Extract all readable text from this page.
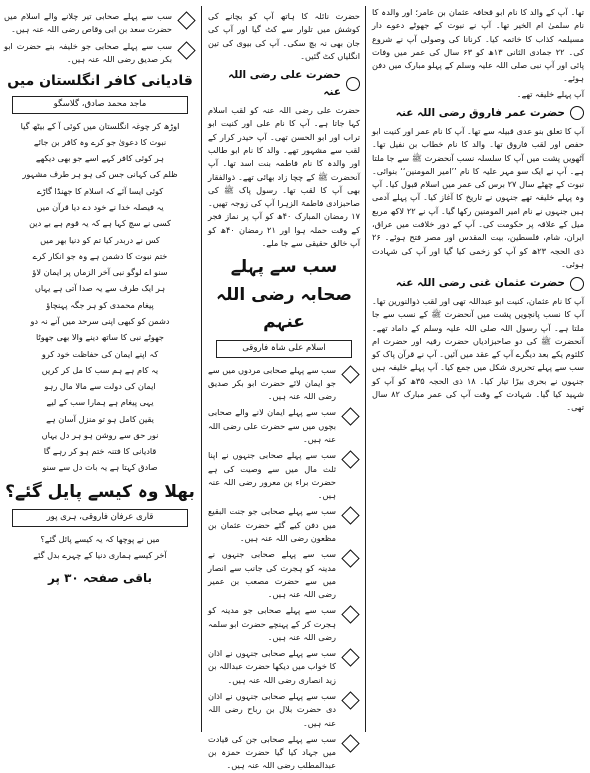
تھا۔ آپ کے والد کا نام ابو قحافہ عثمان بن عامر؛ اور والدہ کا نام سلمیٰ ام الخیر تھا۔ آپ نے نبوت کے جھوٹے دعوے دار مسیلمہ کذاب کا خاتمہ کیا۔ کرنانا کی وصولی آپ نے شروع کی۔ ۲۲ جمادی الثانی ۱۳ھ کو ۶۳ سال کی عمر میں وفات پائی اور آپ نبی صلی اللہ علیہ وسلم کے پہلو مبارک میں دفن ہوئے۔

آپ پہلے خلیفہ تھے۔

حضرت عمر فاروق رضی اللہ عنہ

آپ کا تعلق بنو عدی قبیلہ سے تھا۔ آپ کا نام عمر اور کنیت ابو حفص اور لقب فاروق تھا۔ والد کا نام خطاب بن نفیل تھا۔ آٹھویں پشت میں آپ کا سلسلہ نسب آنحضرت ﷺ سے جا ملتا ہے۔ آپ نے ایک سو مہر علیہ کا نام ’’امیر المومنین‘‘ بنوائی۔ نبوت کے چھٹے سال ۲۷ برس کی عمر میں اسلام قبول کیا۔ آپ وہ پہلے خلیفہ تھے جنہوں نے تاریخ کا آغاز کیا۔ آپ پہلے آدمی ہیں جنہوں نے نام امیر المومنین رکھا گیا۔ آپ نے ۲۲ لاکھ مربع میل کے علاقہ پر حکومت کی۔ آپ کے دور خلافت میں عراق، ایران، شام، فلسطین، بیت المقدس اور مصر فتح ہوئے۔ ۲۶ ذی الحجہ ۲۳ھ کو آپ کو زخمی کیا گیا اور آپ کی شہادت ہوئی۔

حضرت عثمان غنی رضی اللہ عنہ

آپ کا نام عثمان، کنیت ابو عبداللہ تھی اور لقب ذوالنورین تھا۔ آپ کا نسب پانچویں پشت میں آنحضرت ﷺ کے نسب سے جا ملتا ہے۔ آپ رسول اللہ صلی اللہ علیہ وسلم کے داماد تھے۔ آنحضرت ﷺ کی دو صاحبزادیاں حضرت رقیہ اور حضرت ام کلثوم یکے بعد دیگرے آپ کے عقد میں آئیں۔ آپ نے قرآن پاک کو سب سے پہلے تحریری شکل میں جمع کیا۔ آپ پہلے خلیفہ ہیں جنہوں نے بحری بیڑا تیار کیا۔ ۱۸ ذی الحجہ ۳۵ھ کو آپ کو شہید کیا گیا۔ شہادت کے وقت آپ کی عمر مبارک ۸۲ سال تھی۔

حضرت نائلہ کا ہاتھ آپ کو بچانے کی کوشش میں تلوار سے کٹ گیا اور آپ کی جان بھی نہ بچ سکی۔ آپ کی بیوی کی تین انگلیاں کٹ گئیں۔

حضرت علی رضی اللہ عنہ

حضرت علی رضی اللہ عنہ کو لقب اسلام کہا جاتا ہے۔ آپ کا نام علی اور کنیت ابو تراب اور ابو الحسن تھی۔ آپ حیدر کرار کے لقب سے مشہور تھے۔ والد کا نام ابو طالب اور والدہ کا نام فاطمہ بنت اسد تھا۔ آپ آنحضرت ﷺ کے چچا زاد بھائی تھے۔ ذوالفقار بھی آپ کا لقب تھا۔ رسول پاک ﷺ کی صاحبزادی فاطمۃ الزہرا آپ کی زوجہ تھیں۔ ۱۷ رمضان المبارک ۴۰ھ کو آپ پر نماز فجر کے وقت حملہ ہوا اور ۲۱ رمضان ۴۰ھ کو آپ خالق حقیقی سے جا ملے۔

سب سے پہلے صحابہ رضی اللہ عنہم
اسلام علی شاہ فاروقی
سب سے پہلے صحابی مردوں میں سے جو ایمان لائے حضرت ابو بکر صدیق رضی اللہ عنہ ہیں۔
سب سے پہلے ایمان لانے والے صحابی بچوں میں سے حضرت علی رضی اللہ عنہ ہیں۔
سب سے پہلے صحابی جنہوں نے اپنا ثلث مال میں سے وصیت کی ہے حضرت براء بن معرور رضی اللہ عنہ ہیں۔
سب سے پہلے صحابی جو جنت البقیع میں دفن کیے گئے حضرت عثمان بن مظعون رضی اللہ عنہ ہیں۔
سب سے پہلے صحابی جنہوں نے مدینہ کو ہجرت کی جانب سے انصار میں سے حضرت مصعب بن عمیر رضی اللہ عنہ ہیں۔
سب سے پہلے صحابی جو مدینہ کو ہجرت کر کے پہنچے حضرت ابو سلمہ رضی اللہ عنہ ہیں۔
سب سے پہلے صحابی جنہوں نے اذان کا خواب میں دیکھا حضرت عبداللہ بن زید انصاری رضی اللہ عنہ ہیں۔
سب سے پہلے صحابی جنہوں نے اذان دی حضرت بلال بن رباح رضی اللہ عنہ ہیں۔
سب سے پہلے صحابی جن کی قیادت میں جہاد کیا گیا حضرت حمزہ بن عبدالمطلب رضی اللہ عنہ ہیں۔
سب سے پہلے صحابی تیر چلانے والے اسلام میں حضرت سعد بن ابی وقاص رضی اللہ عنہ ہیں۔
سب سے پہلے صحابی جو خلیفہ بنے حضرت ابو بکر صدیق رضی اللہ عنہ ہیں۔
قادیانی کافر انگلستان میں
ماجد محمد صادق، گلاسگو

اوڑھ کر چوغہ انگلستان میں کوئی آ کے بیٹھ گیا

نبوت کا دعویٰ جو کرے وہ کافر بن جائے

ہر کوئی کافر کہے اسے جو بھی دیکھے

ظلم کی کہانی جس کی ہو ہر طرف مشہور

کوئی ایسا آئے کہ اسلام کا جھنڈا گاڑے

یہ فیصلہ خدا نے خود دے دیا قرآن میں

کسی نے سچ کہا ہے کہ یہ قوم ہے بے دین

کس نے دربدر کیا تم کو دنیا بھر میں

ختم نبوت کا دشمن ہے وہ جو انکار کرے

سنو اے لوگو نبی آخر الزماں پر ایمان لاؤ

ہر ایک طرف سے یہ صدا آتی ہے یہاں

پیغام محمدی کو ہر جگہ پہنچاؤ

دشمن کو کبھی اپنی سرحد میں آنے نہ دو

جھوٹے نبی کا ساتھ دینے والا بھی جھوٹا

کہ اپنے ایمان کی حفاظت خود کرو

یہ کام ہے ہم سب کا مل کر کریں

ایمان کی دولت سے مالا مال رہو

یہی پیغام ہے ہمارا سب کے لیے

یقین کامل ہو تو منزل آسان ہے

نور حق سے روشن ہو ہر دل یہاں

قادیانی کا فتنہ ختم ہو کر رہے گا

صادق کہتا ہے یہ بات دل سے سنو

بھلا وہ کیسے پایل گئے؟
قاری عرفان فاروقی، ہری پور

میں نے پوچھا کہ یہ کیسے پائل گئے؟

آخر کیسے ہماری دنیا کے چہرے بدل گئے

باقی صفحہ ۳۰ پر
